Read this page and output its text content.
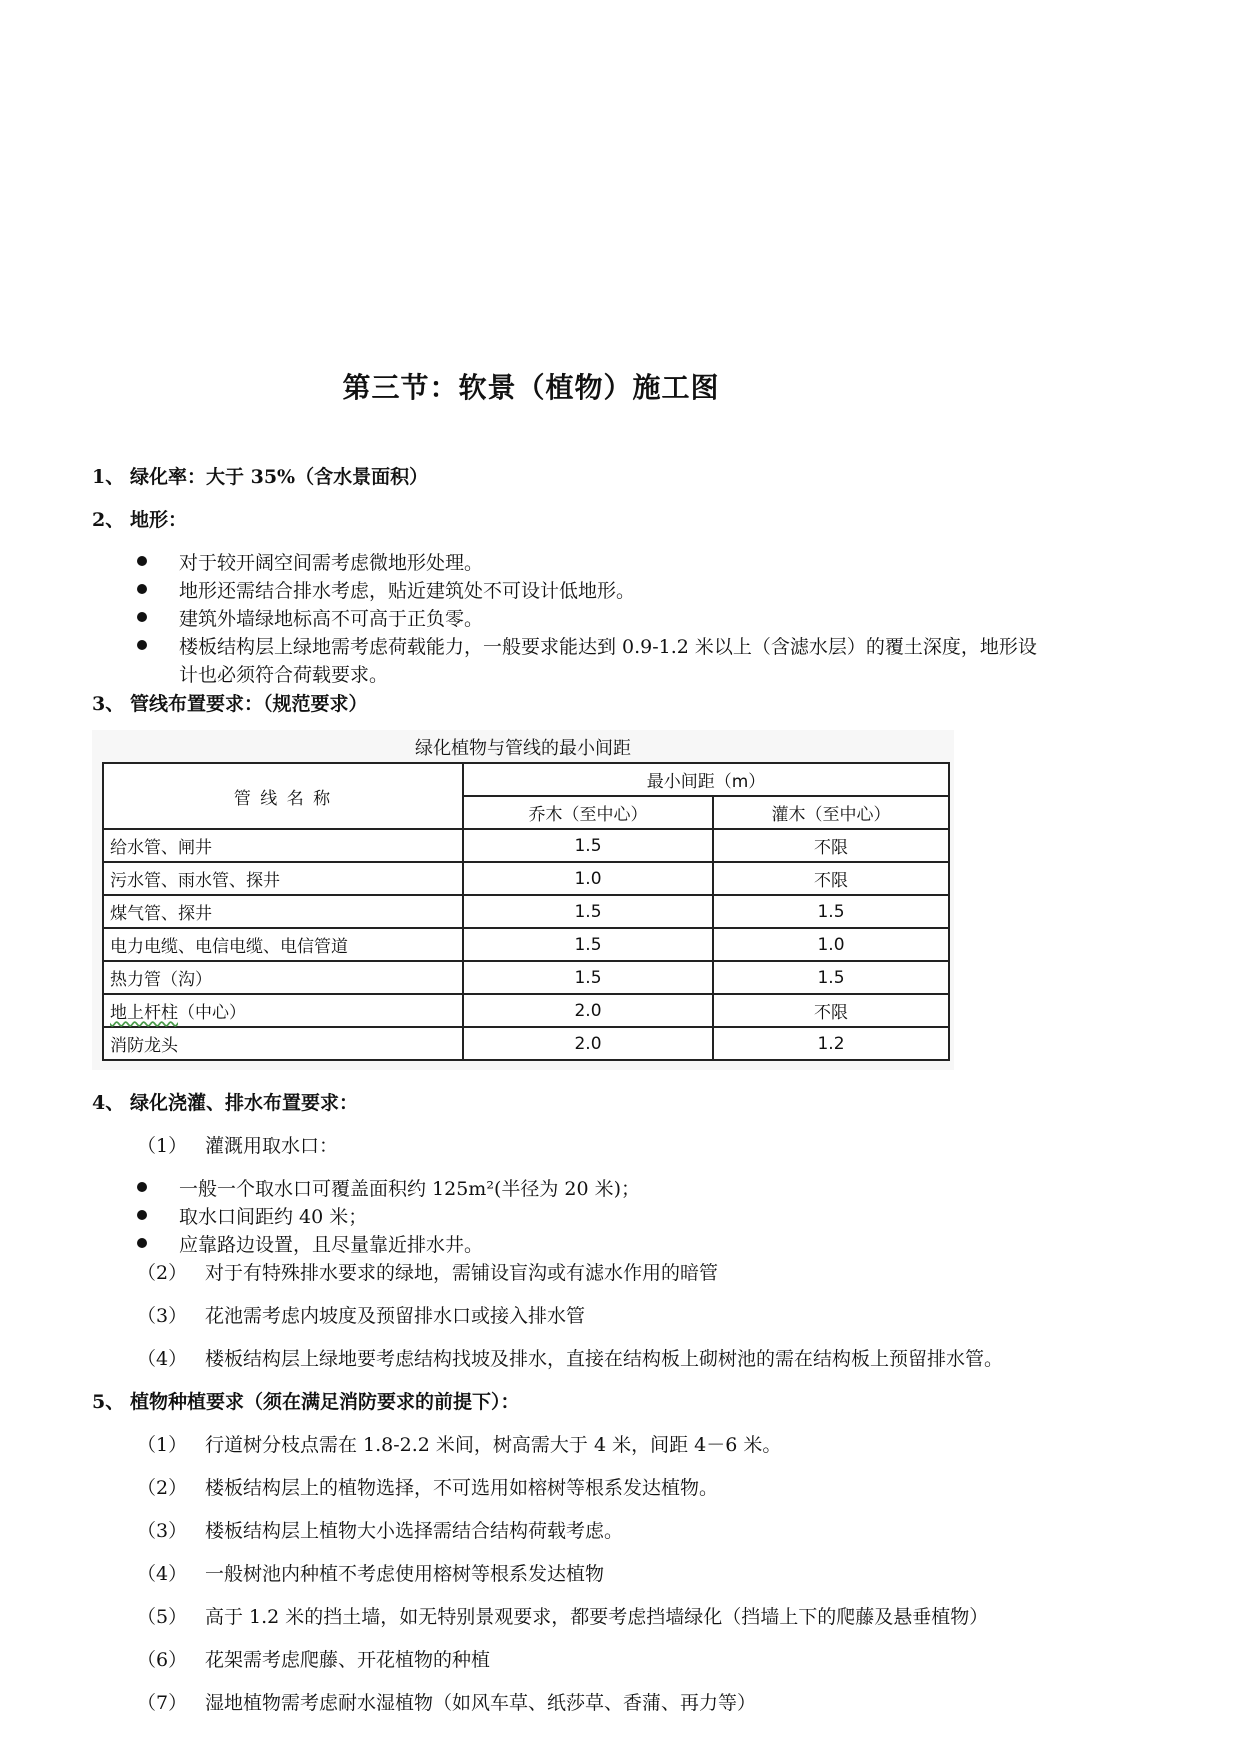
第三节：软景（植物）施工图
1、 绿化率：大于 35%（含水景面积）
2、 地形：
对于较开阔空间需考虑微地形处理。
地形还需结合排水考虑，贴近建筑处不可设计低地形。
建筑外墙绿地标高不可高于正负零。
楼板结构层上绿地需考虑荷载能力，一般要求能达到 0.9-1.2 米以上（含滤水层）的覆土深度，地形设
计也必须符合荷载要求。
3、 管线布置要求：（规范要求）
绿化植物与管线的最小间距
管 线 名 称	最小间距（m）	
	乔木（至中心）	灌木（至中心）
给水管、闸井	1.5	不限
污水管、雨水管、探井	1.0	不限
煤气管、探井	1.5	1.5
电力电缆、电信电缆、电信管道	1.5	1.0
热力管（沟）	1.5	1.5
地上杆柱（中心）	2.0	不限
消防龙头	2.0	1.2
4、 绿化浇灌、排水布置要求：
（1） 灌溉用取水口：
一般一个取水口可覆盖面积约 125m²(半径为 20 米)；
取水口间距约 40 米；
应靠路边设置，且尽量靠近排水井。
（2） 对于有特殊排水要求的绿地，需铺设盲沟或有滤水作用的暗管
（3） 花池需考虑内坡度及预留排水口或接入排水管
（4） 楼板结构层上绿地要考虑结构找坡及排水，直接在结构板上砌树池的需在结构板上预留排水管。
5、 植物种植要求（须在满足消防要求的前提下）：
（1） 行道树分枝点需在 1.8-2.2 米间，树高需大于 4 米，间距 4－6 米。
（2） 楼板结构层上的植物选择，不可选用如榕树等根系发达植物。
（3） 楼板结构层上植物大小选择需结合结构荷载考虑。
（4） 一般树池内种植不考虑使用榕树等根系发达植物
（5） 高于 1.2 米的挡土墙，如无特别景观要求，都要考虑挡墙绿化（挡墙上下的爬藤及悬垂植物）
（6） 花架需考虑爬藤、开花植物的种植
（7） 湿地植物需考虑耐水湿植物（如风车草、纸莎草、香蒲、再力等）
